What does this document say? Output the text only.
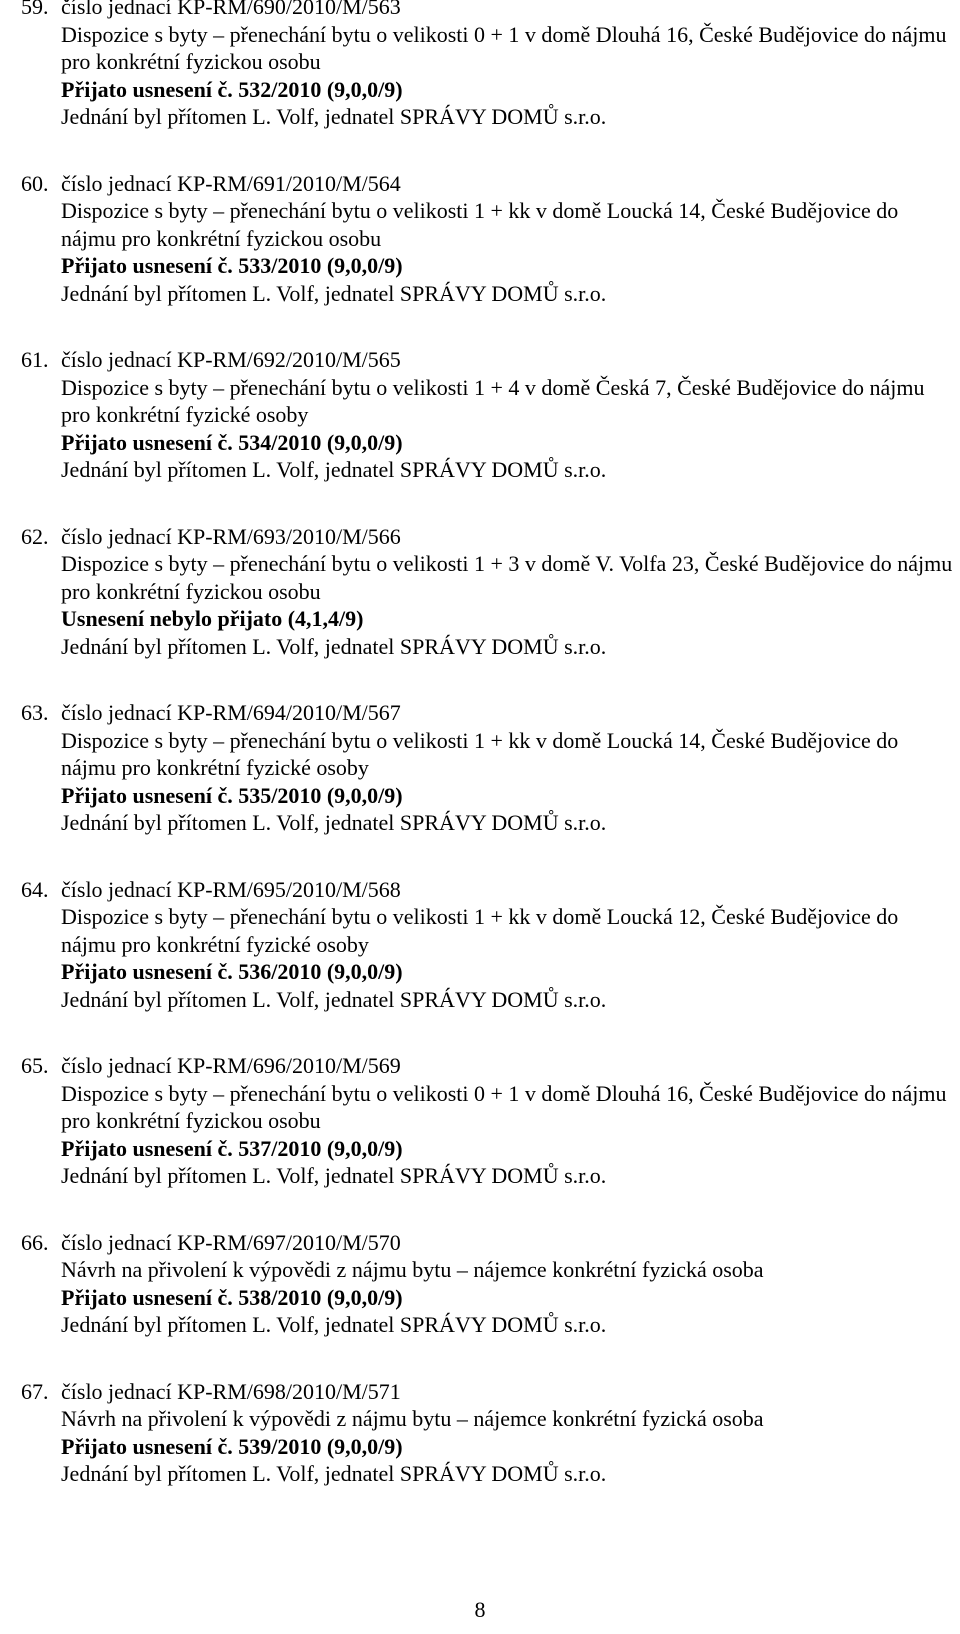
59. číslo jednací KP-RM/690/2010/M/563
Dispozice s byty – přenechání bytu o velikosti 0 + 1 v domě Dlouhá 16, České Budějovice do nájmu pro konkrétní fyzickou osobu
Přijato usnesení č. 532/2010 (9,0,0/9)
Jednání byl přítomen L. Volf, jednatel SPRÁVY DOMŮ s.r.o.
60. číslo jednací KP-RM/691/2010/M/564
Dispozice s byty – přenechání bytu o velikosti 1 + kk v domě Loucká 14, České Budějovice do nájmu pro konkrétní fyzickou osobu
Přijato usnesení č. 533/2010 (9,0,0/9)
Jednání byl přítomen L. Volf, jednatel SPRÁVY DOMŮ s.r.o.
61. číslo jednací KP-RM/692/2010/M/565
Dispozice s byty – přenechání bytu o velikosti 1 + 4 v domě Česká 7, České Budějovice do nájmu pro konkrétní fyzické osoby
Přijato usnesení č. 534/2010 (9,0,0/9)
Jednání byl přítomen L. Volf, jednatel SPRÁVY DOMŮ s.r.o.
62. číslo jednací KP-RM/693/2010/M/566
Dispozice s byty – přenechání bytu o velikosti 1 + 3 v domě V. Volfa 23, České Budějovice do nájmu pro konkrétní fyzickou osobu
Usnesení nebylo přijato (4,1,4/9)
Jednání byl přítomen L. Volf, jednatel SPRÁVY DOMŮ s.r.o.
63. číslo jednací KP-RM/694/2010/M/567
Dispozice s byty – přenechání bytu o velikosti 1 + kk v domě Loucká 14, České Budějovice do nájmu pro konkrétní fyzické osoby
Přijato usnesení č. 535/2010 (9,0,0/9)
Jednání byl přítomen L. Volf, jednatel SPRÁVY DOMŮ s.r.o.
64. číslo jednací KP-RM/695/2010/M/568
Dispozice s byty – přenechání bytu o velikosti 1 + kk v domě Loucká 12, České Budějovice do nájmu pro konkrétní fyzické osoby
Přijato usnesení č. 536/2010 (9,0,0/9)
Jednání byl přítomen L. Volf, jednatel SPRÁVY DOMŮ s.r.o.
65. číslo jednací KP-RM/696/2010/M/569
Dispozice s byty – přenechání bytu o velikosti 0 + 1 v domě Dlouhá 16, České Budějovice do nájmu pro konkrétní fyzickou osobu
Přijato usnesení č. 537/2010 (9,0,0/9)
Jednání byl přítomen L. Volf, jednatel SPRÁVY DOMŮ s.r.o.
66. číslo jednací KP-RM/697/2010/M/570
Návrh na přivolení k výpovědi z nájmu bytu – nájemce konkrétní fyzická osoba
Přijato usnesení č. 538/2010 (9,0,0/9)
Jednání byl přítomen L. Volf, jednatel SPRÁVY DOMŮ s.r.o.
67. číslo jednací KP-RM/698/2010/M/571
Návrh na přivolení k výpovědi z nájmu bytu – nájemce konkrétní fyzická osoba
Přijato usnesení č. 539/2010 (9,0,0/9)
Jednání byl přítomen L. Volf, jednatel SPRÁVY DOMŮ s.r.o.
8
